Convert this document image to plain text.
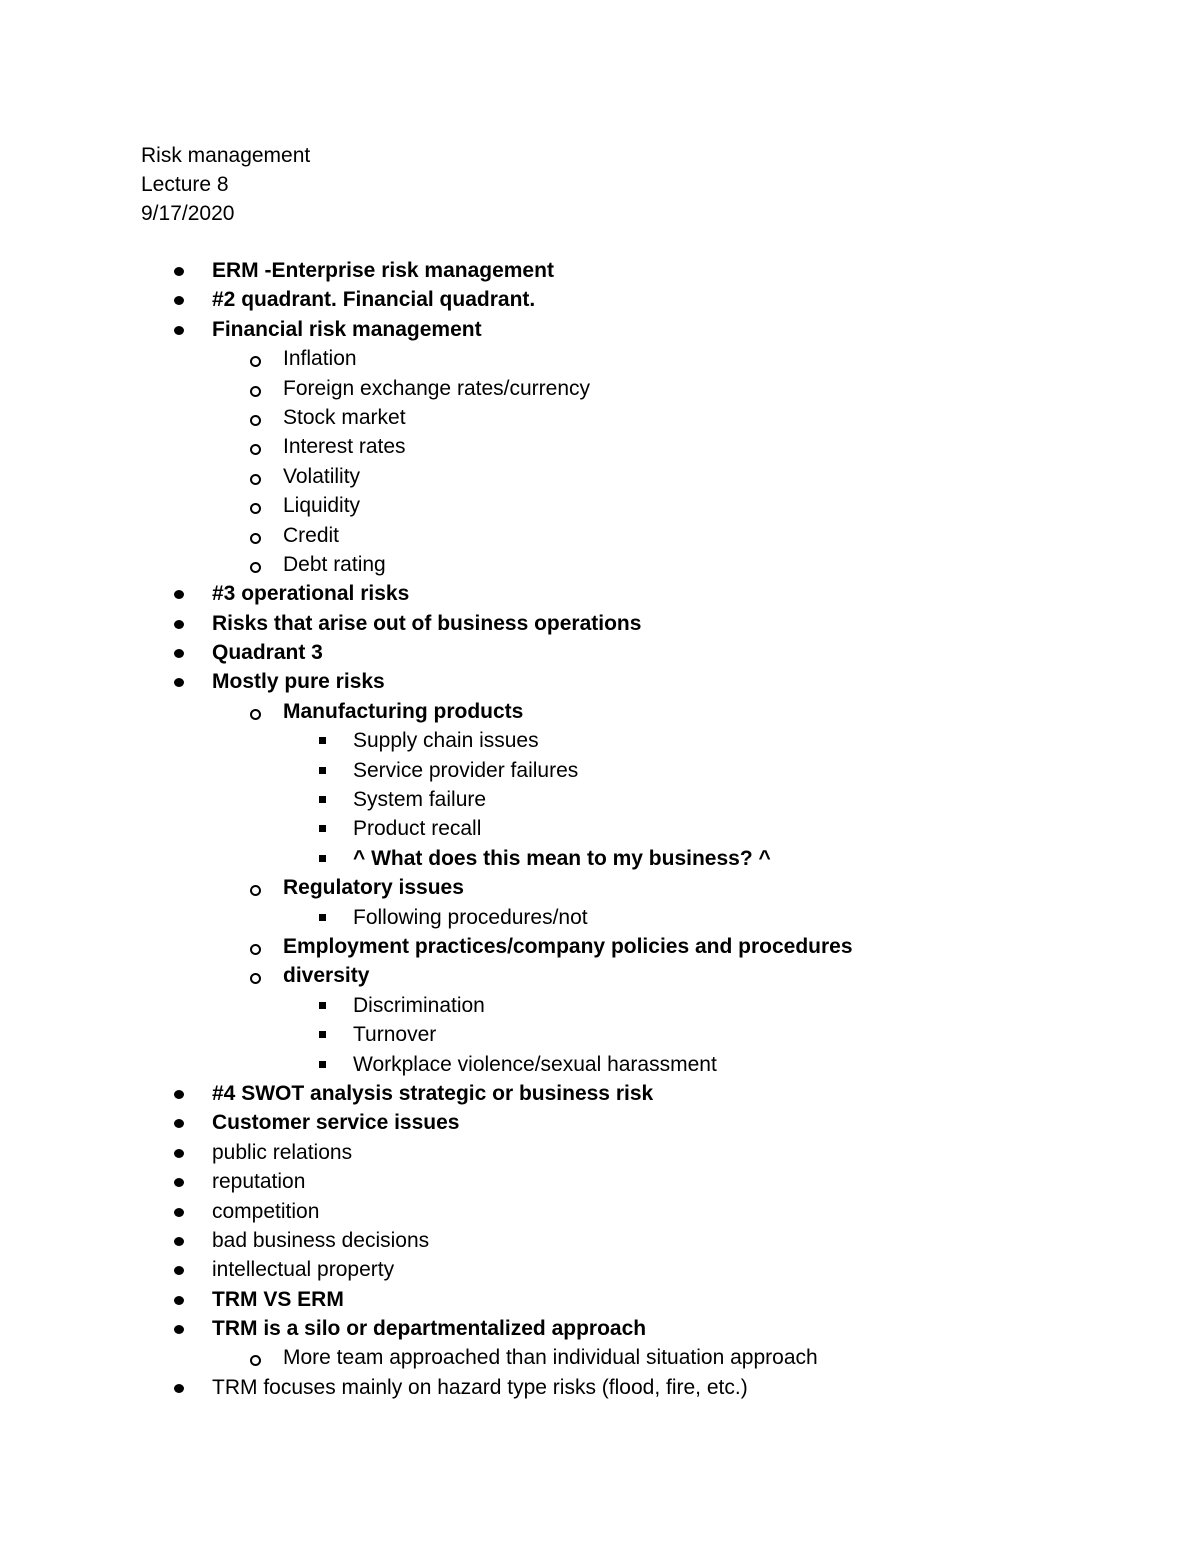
Risk management
Lecture 8
9/17/2020
ERM -Enterprise risk management
#2 quadrant. Financial quadrant.
Financial risk management
Inflation
Foreign exchange rates/currency
Stock market
Interest rates
Volatility
Liquidity
Credit
Debt rating
#3 operational risks
Risks that arise out of business operations
Quadrant 3
Mostly pure risks
Manufacturing products
Supply chain issues
Service provider failures
System failure
Product recall
^ What does this mean to my business? ^
Regulatory issues
Following procedures/not
Employment practices/company policies and procedures
diversity
Discrimination
Turnover
Workplace violence/sexual harassment
#4 SWOT analysis strategic or business risk
Customer service issues
public relations
reputation
competition
bad business decisions
intellectual property
TRM VS ERM
TRM is a silo or departmentalized approach
More team approached than individual situation approach
TRM focuses mainly on hazard type risks (flood, fire, etc.)
